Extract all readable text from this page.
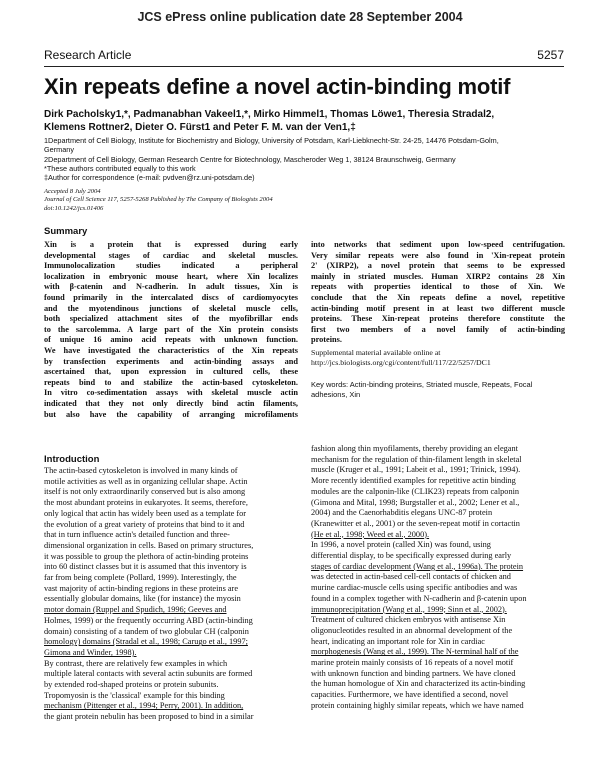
JCS ePress online publication date 28 September 2004
Research Article	5257
Xin repeats define a novel actin-binding motif
Dirk Pacholsky1,*, Padmanabhan Vakeel1,*, Mirko Himmel1, Thomas Löwe1, Theresia Stradal2,
Klemens Rottner2, Dieter O. Fürst1 and Peter F. M. van der Ven1,‡
1Department of Cell Biology, Institute for Biochemistry and Biology, University of Potsdam, Karl-Liebknecht-Str. 24-25, 14476 Potsdam-Golm,
Germany
2Department of Cell Biology, German Research Centre for Biotechnology, Mascheroder Weg 1, 38124 Braunschweig, Germany
*These authors contributed equally to this work
‡Author for correspondence (e-mail: pvdven@rz.uni-potsdam.de)
Accepted 8 July 2004
Journal of Cell Science 117, 5257-5268 Published by The Company of Biologists 2004
doi:10.1242/jcs.01406
Summary
Xin is a protein that is expressed during early
developmental stages of cardiac and skeletal muscles.
Immunolocalization studies indicated a peripheral
localization in embryonic mouse heart, where Xin localizes
with β-catenin and N-cadherin. In adult tissues, Xin is
found primarily in the intercalated discs of cardiomyocytes
and the myotendinous junctions of skeletal muscle cells,
both specialized attachment sites of the myofibrillar ends
to the sarcolemma. A large part of the Xin protein consists
of unique 16 amino acid repeats with unknown function.
We have investigated the characteristics of the Xin repeats
by transfection experiments and actin-binding assays and
ascertained that, upon expression in cultured cells, these
repeats bind to and stabilize the actin-based cytoskeleton.
In vitro co-sedimentation assays with skeletal muscle actin
indicated that they not only directly bind actin filaments,
but also have the capability of arranging microfilaments
into networks that sediment upon low-speed centrifugation.
Very similar repeats were also found in 'Xin-repeat protein
2' (XIRP2), a novel protein that seems to be expressed
mainly in striated muscles. Human XIRP2 contains 28 Xin
repeats with properties identical to those of Xin. We
conclude that the Xin repeats define a novel, repetitive
actin-binding motif present in at least two different muscle
proteins. These Xin-repeat proteins therefore constitute the
first two members of a novel family of actin-binding
proteins.
Supplemental material available online at
http://jcs.biologists.org/cgi/content/full/117/22/5257/DC1
Key words: Actin-binding proteins, Striated muscle, Repeats, Focal adhesions, Xin
Introduction
The actin-based cytoskeleton is involved in many kinds of
motile activities as well as in organizing cellular shape. Actin
itself is not only extraordinarily conserved but is also among
the most abundant proteins in eukaryotes. It seems, therefore,
only logical that actin has widely been used as a template for
the evolution of a great variety of proteins that bind to it and
that in turn influence actin's detailed function and three-
dimensional organization in cells. Based on primary structures,
it was possible to group the plethora of actin-binding proteins
into 60 distinct classes but it is assumed that this inventory is
far from being complete (Pollard, 1999). Interestingly, the
vast majority of actin-binding regions in these proteins are
essentially globular domains, like (for instance) the myosin
motor domain (Ruppel and Spudich, 1996; Geeves and
Holmes, 1999) or the frequently occurring ABD (actin-binding
domain) consisting of a tandem of two globular CH (calponin
homology) domains (Stradal et al., 1998; Carugo et al., 1997;
Gimona and Winder, 1998).
By contrast, there are relatively few examples in which
multiple lateral contacts with several actin subunits are formed
by extended rod-shaped proteins or protein subunits.
Tropomyosin is the 'classical' example for this binding
mechanism (Pittenger et al., 1994; Perry, 2001). In addition,
the giant protein nebulin has been proposed to bind in a similar
fashion along thin myofilaments, thereby providing an elegant
mechanism for the regulation of thin-filament length in skeletal
muscle (Kruger et al., 1991; Labeit et al., 1991; Trinick, 1994).
More recently identified examples for repetitive actin binding
modules are the calponin-like (CLIK23) repeats from calponin
(Gimona and Mital, 1998; Burgstaller et al., 2002; Lener et al.,
2004) and the Caenorhabditis elegans UNC-87 protein
(Kranewitter et al., 2001) or the seven-repeat motif in cortactin
(He et al., 1998; Weed et al., 2000).
In 1996, a novel protein (called Xin) was found, using
differential display, to be specifically expressed during early
stages of cardiac development (Wang et al., 1996a). The protein
was detected in actin-based cell-cell contacts of chicken and
murine cardiac-muscle cells using specific antibodies and was
found in a complex together with N-cadherin and β-catenin upon
immunoprecipitation (Wang et al., 1999; Sinn et al., 2002).
Treatment of cultured chicken embryos with antisense Xin
oligonucleotides resulted in an abnormal development of the
heart, indicating an important role for Xin in cardiac
morphogenesis (Wang et al., 1999). The N-terminal half of the
marine protein mainly consists of 16 repeats of a novel motif
with unknown function and binding partners. We have cloned
the human homologue of Xin and characterized its actin-binding
capacities. Furthermore, we have identified a second, novel
protein containing highly similar repeats, which we have named
